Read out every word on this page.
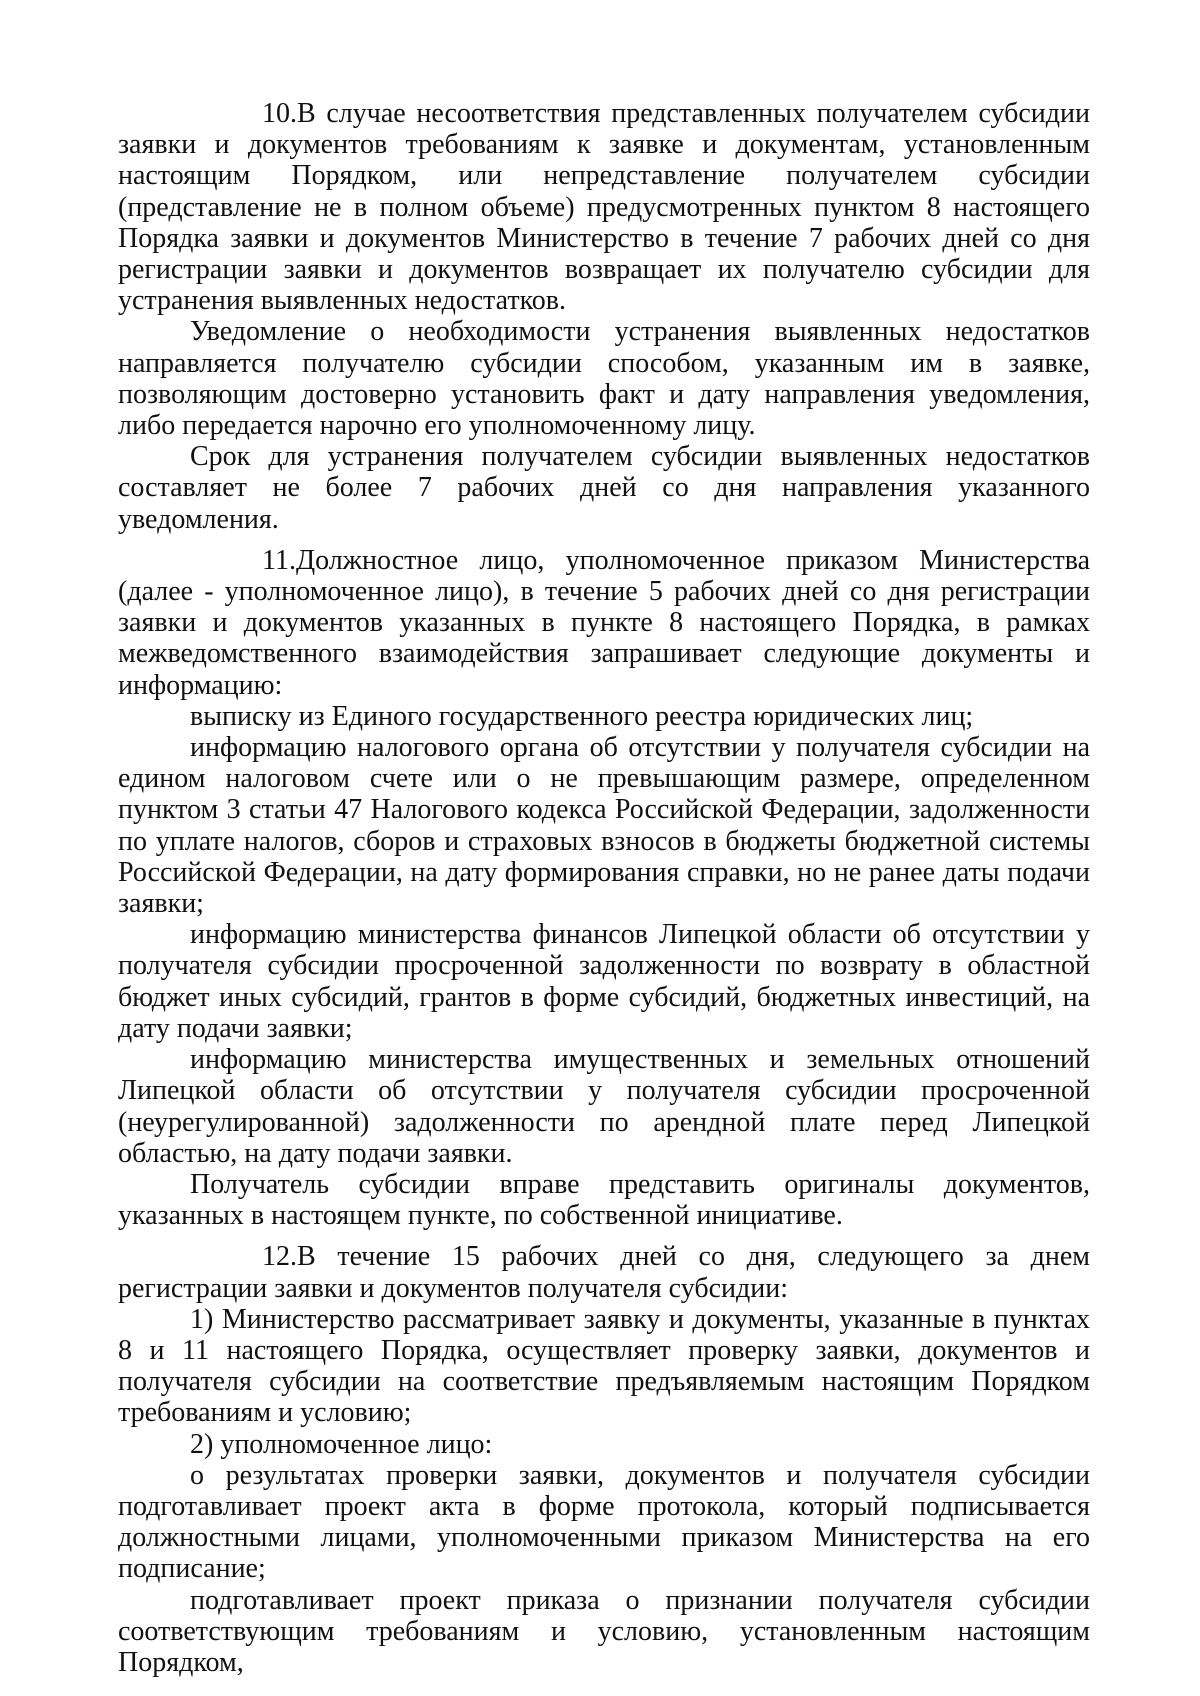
10.В случае несоответствия представленных получателем субсидии заявки и документов требованиям к заявке и документам, установленным настоящим Порядком, или непредставление получателем субсидии (представление не в полном объеме) предусмотренных пунктом 8 настоящего Порядка заявки и документов Министерство в течение 7 рабочих дней со дня регистрации заявки и документов возвращает их получателю субсидии для устранения выявленных недостатков.

Уведомление о необходимости устранения выявленных недостатков направляется получателю субсидии способом, указанным им в заявке, позволяющим достоверно установить факт и дату направления уведомления, либо передается нарочно его уполномоченному лицу.

Срок для устранения получателем субсидии выявленных недостатков составляет не более 7 рабочих дней со дня направления указанного уведомления.

11.Должностное лицо, уполномоченное приказом Министерства (далее - уполномоченное лицо), в течение 5 рабочих дней со дня регистрации заявки и документов указанных в пункте 8 настоящего Порядка, в рамках межведомственного взаимодействия запрашивает следующие документы и информацию:

выписку из Единого государственного реестра юридических лиц;

информацию налогового органа об отсутствии у получателя субсидии на едином налоговом счете или о не превышающим размере, определенном пунктом 3 статьи 47 Налогового кодекса Российской Федерации, задолженности по уплате налогов, сборов и страховых взносов в бюджеты бюджетной системы Российской Федерации, на дату формирования справки, но не ранее даты подачи заявки;

информацию министерства финансов Липецкой области об отсутствии у получателя субсидии просроченной задолженности по возврату в областной бюджет иных субсидий, грантов в форме субсидий, бюджетных инвестиций, на дату подачи заявки;

информацию министерства имущественных и земельных отношений Липецкой области об отсутствии у получателя субсидии просроченной (неурегулированной) задолженности по арендной плате перед Липецкой областью, на дату подачи заявки.

Получатель субсидии вправе представить оригиналы документов, указанных в настоящем пункте, по собственной инициативе.

12.В течение 15 рабочих дней со дня, следующего за днем регистрации заявки и документов получателя субсидии:

1) Министерство рассматривает заявку и документы, указанные в пунктах 8 и 11 настоящего Порядка, осуществляет проверку заявки, документов и получателя субсидии на соответствие предъявляемым настоящим Порядком требованиям и условию;

2) уполномоченное лицо:

о результатах проверки заявки, документов и получателя субсидии подготавливает проект акта в форме протокола, который подписывается должностными лицами, уполномоченными приказом Министерства на его подписание;

подготавливает проект приказа о признании получателя субсидии соответствующим требованиям и условию, установленным настоящим Порядком,
